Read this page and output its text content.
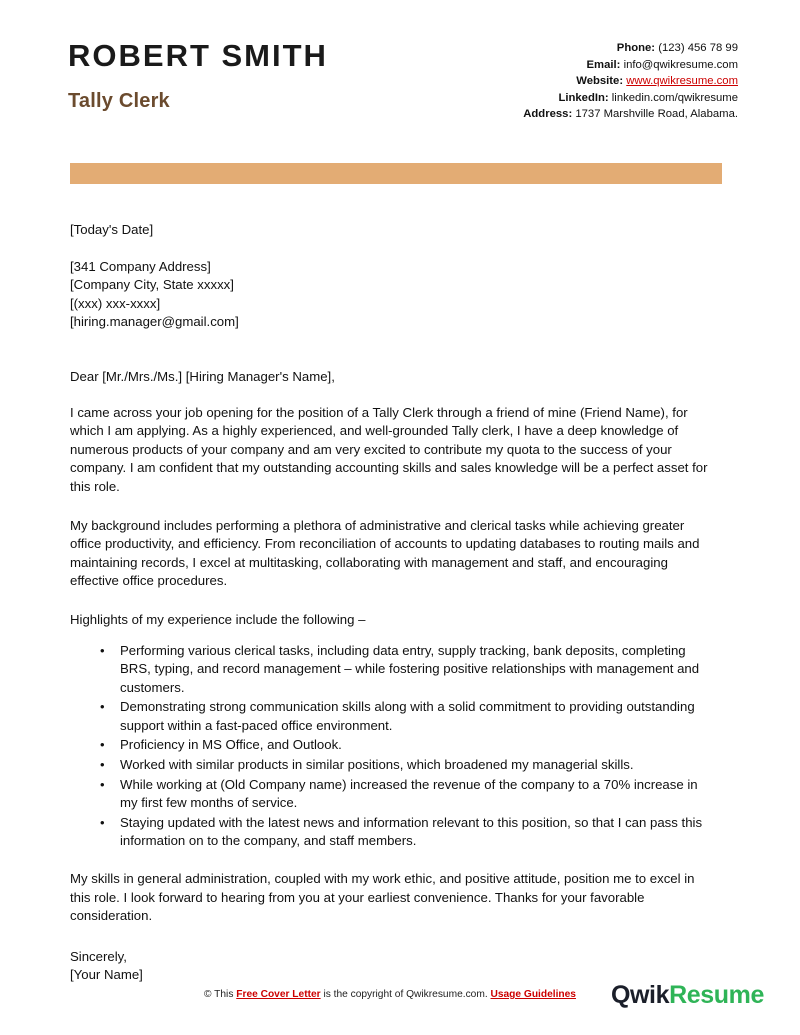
ROBERT SMITH
Tally Clerk
Phone: (123) 456 78 99
Email: info@qwikresume.com
Website: www.qwikresume.com
LinkedIn: linkedin.com/qwikresume
Address: 1737 Marshville Road, Alabama.
[Today's Date]
[341 Company Address]
[Company City, State xxxxx]
[(xxx) xxx-xxxx]
[hiring.manager@gmail.com]
Dear [Mr./Mrs./Ms.] [Hiring Manager's Name],

I came across your job opening for the position of a Tally Clerk through a friend of mine (Friend Name), for which I am applying. As a highly experienced, and well-grounded Tally clerk, I have a deep knowledge of numerous products of your company and am very excited to contribute my quota to the success of your company. I am confident that my outstanding accounting skills and sales knowledge will be a perfect asset for this role.

My background includes performing a plethora of administrative and clerical tasks while achieving greater office productivity, and efficiency. From reconciliation of accounts to updating databases to routing mails and maintaining records, I excel at multitasking, collaborating with management and staff, and encouraging effective office procedures.

Highlights of my experience include the following –
• Performing various clerical tasks, including data entry, supply tracking, bank deposits, completing BRS, typing, and record management – while fostering positive relationships with management and customers.
• Demonstrating strong communication skills along with a solid commitment to providing outstanding support within a fast-paced office environment.
• Proficiency in MS Office, and Outlook.
• Worked with similar products in similar positions, which broadened my managerial skills.
• While working at (Old Company name) increased the revenue of the company to a 70% increase in my first few months of service.
• Staying updated with the latest news and information relevant to this position, so that I can pass this information on to the company, and staff members.

My skills in general administration, coupled with my work ethic, and positive attitude, position me to excel in this role. I look forward to hearing from you at your earliest convenience. Thanks for your favorable consideration.

Sincerely,
[Your Name]
© This Free Cover Letter is the copyright of Qwikresume.com. Usage Guidelines	QwikResume
